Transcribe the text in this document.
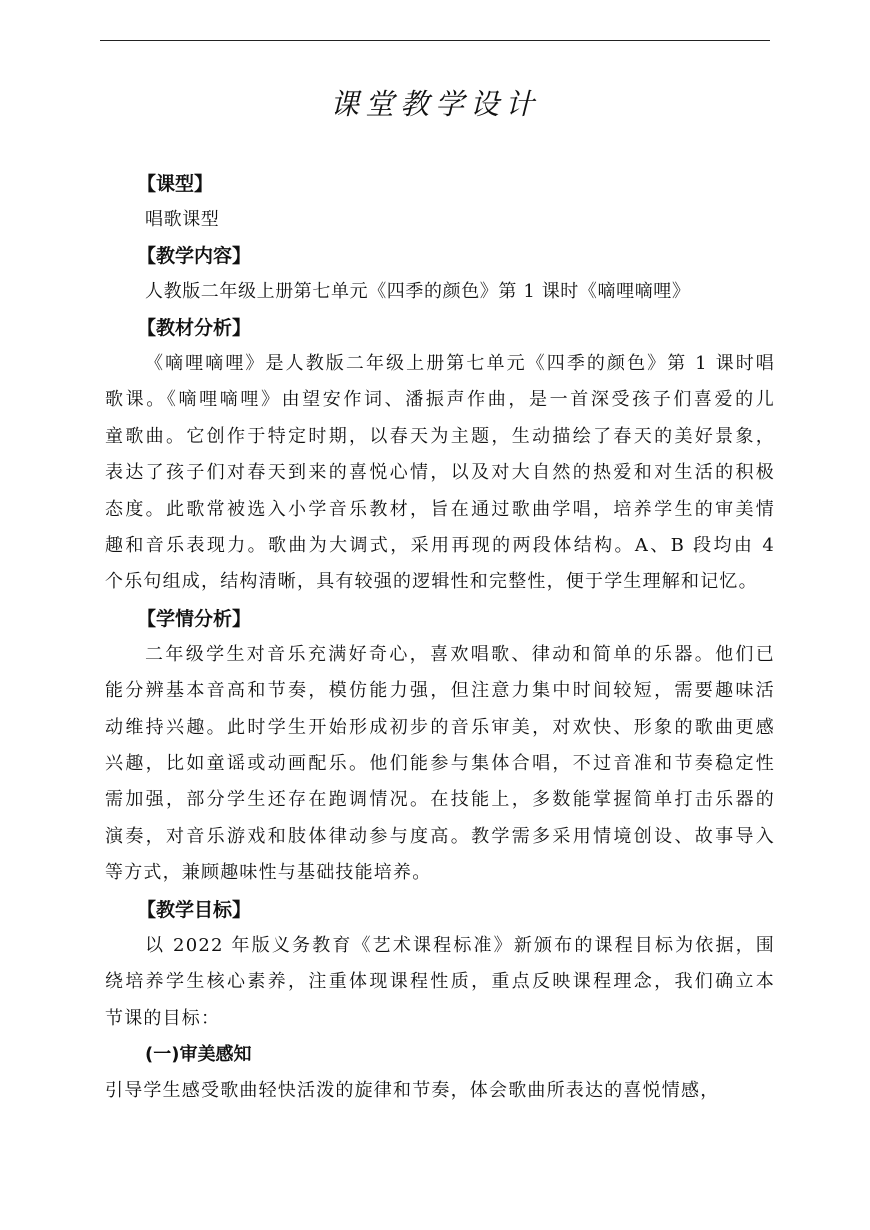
课堂教学设计
【课型】
唱歌课型
【教学内容】
人教版二年级上册第七单元《四季的颜色》第 1 课时《嘀哩嘀哩》
【教材分析】
《嘀哩嘀哩》是人教版二年级上册第七单元《四季的颜色》第 1 课时唱
歌课。《嘀哩嘀哩》由望安作词、潘振声作曲，是一首深受孩子们喜爱的儿
童歌曲。它创作于特定时期，以春天为主题，生动描绘了春天的美好景象，
表达了孩子们对春天到来的喜悦心情，以及对大自然的热爱和对生活的积极
态度。此歌常被选入小学音乐教材，旨在通过歌曲学唱，培养学生的审美情
趣和音乐表现力。歌曲为大调式，采用再现的两段体结构。A、B 段均由 4
个乐句组成，结构清晰，具有较强的逻辑性和完整性，便于学生理解和记忆。
【学情分析】
二年级学生对音乐充满好奇心，喜欢唱歌、律动和简单的乐器。他们已
能分辨基本音高和节奏，模仿能力强，但注意力集中时间较短，需要趣味活
动维持兴趣。此时学生开始形成初步的音乐审美，对欢快、形象的歌曲更感
兴趣，比如童谣或动画配乐。他们能参与集体合唱，不过音准和节奏稳定性
需加强，部分学生还存在跑调情况。在技能上，多数能掌握简单打击乐器的
演奏，对音乐游戏和肢体律动参与度高。教学需多采用情境创设、故事导入
等方式，兼顾趣味性与基础技能培养。
【教学目标】
以 2022 年版义务教育《艺术课程标准》新颁布的课程目标为依据，围
绕培养学生核心素养，注重体现课程性质，重点反映课程理念，我们确立本
节课的目标：
(一)审美感知
引导学生感受歌曲轻快活泼的旋律和节奏，体会歌曲所表达的喜悦情感，
